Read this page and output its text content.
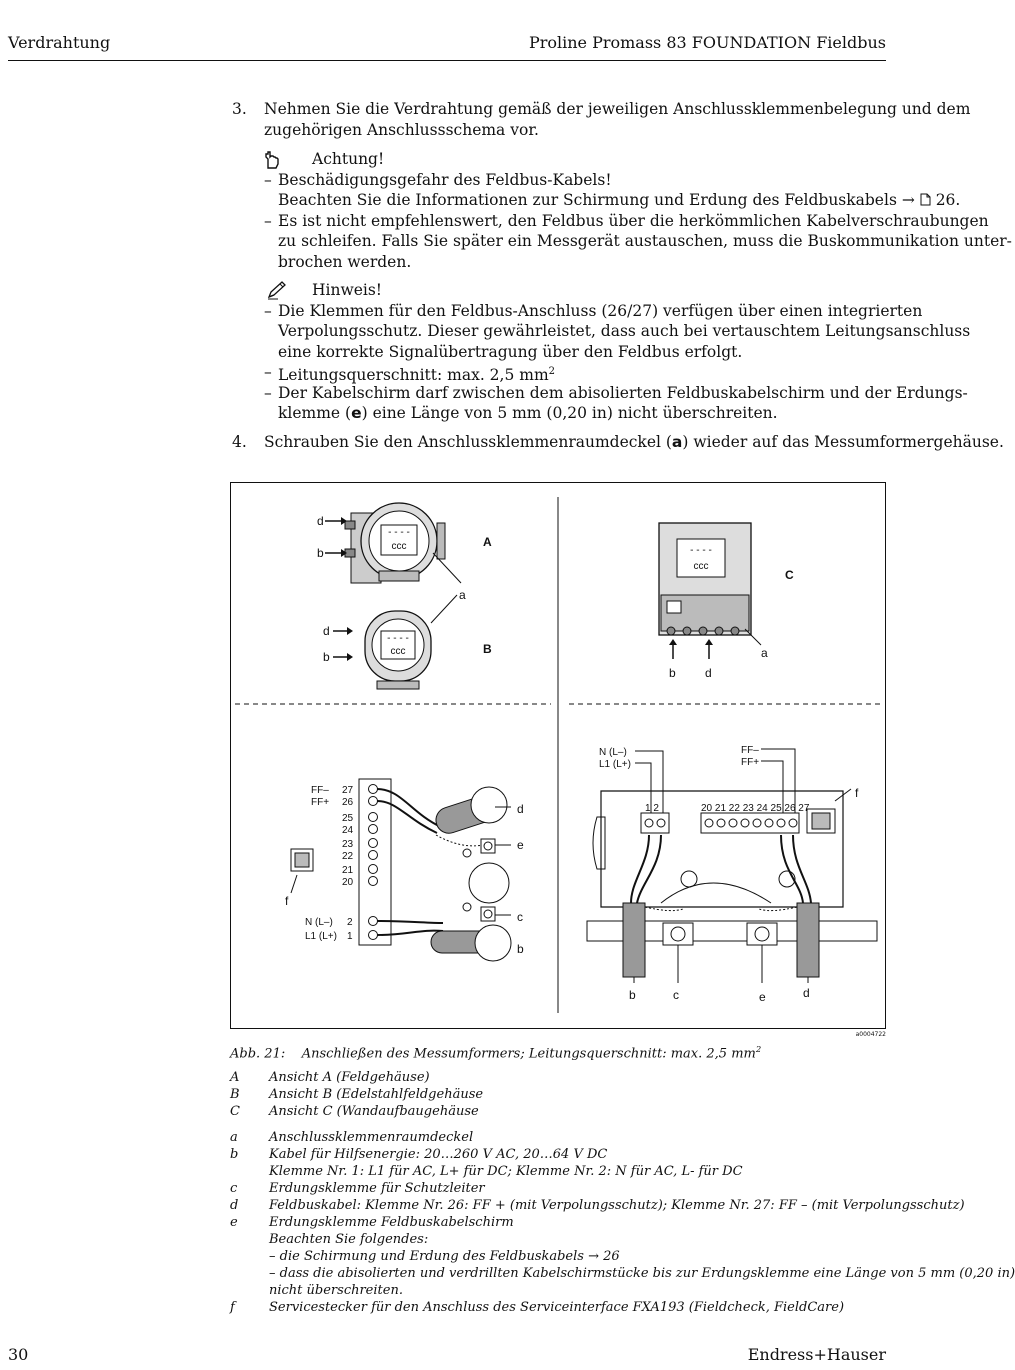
Verdrahtung	Proline Promass 83 FOUNDATION Fieldbus
3. Nehmen Sie die Verdrahtung gemäß der jeweiligen Anschlussklemmenbelegung und dem
zugehörigen Anschlussschema vor.
Achtung!
– Beschädigungsgefahr des Feldbus-Kabels!
Beachten Sie die Informationen zur Schirmung und Erdung des Feldbuskabels →  26.
– Es ist nicht empfehlenswert, den Feldbus über die herkömmlichen Kabelverschraubungen
zu schleifen. Falls Sie später ein Messgerät austauschen, muss die Buskommunikation unter-
brochen werden.
Hinweis!
– Die Klemmen für den Feldbus-Anschluss (26/27) verfügen über einen integrierten
Verpolungsschutz. Dieser gewährleistet, dass auch bei vertauschtem Leitungsanschluss
eine korrekte Signalübertragung über den Feldbus erfolgt.
– Leitungsquerschnitt: max. 2,5 $mm^2$
– Der Kabelschirm darf zwischen dem abisolierten Feldbuskabelschirm und der Erdungs-
klemme (e) eine Länge von 5 mm (0,20 in) nicht überschreiten.
4. Schrauben Sie den Anschlussklemmenraumdeckel (a) wieder auf das Messumformergehäuse.
- - - -
ccc
d
b
A
a
- - - -
ccc
d
b
B
- - - -
ccc
C
b d
a
FF–
FF+
27
26
25
24
23
22
21
20
N (L–)
L1 (L+)
2
1
d
e
c
b
f
1 2	20 21 22 23 24 25 26 27
N (L–)
L1 (L+)
FF–
FF+
f
b	c	e	d
a0004722
Abb. 21: Anschließen des Messumformers; Leitungsquerschnitt: max. 2,5 $mm^2$
A Ansicht A (Feldgehäuse)
B Ansicht B (Edelstahlfeldgehäuse
C Ansicht C (Wandaufbaugehäuse
a Anschlussklemmenraumdeckel
b Kabel für Hilfsenergie: 20…260 V AC, 20…64 V DC
Klemme Nr. 1: L1 für AC, L+ für DC; Klemme Nr. 2: N für AC, L- für DC
c Erdungsklemme für Schutzleiter
d Feldbuskabel: Klemme Nr. 26: FF + (mit Verpolungsschutz); Klemme Nr. 27: FF – (mit Verpolungsschutz)
e Erdungsklemme Feldbuskabelschirm
Beachten Sie folgendes:
– die Schirmung und Erdung des Feldbuskabels → 26
– dass die abisolierten und verdrillten Kabelschirmstücke bis zur Erdungsklemme eine Länge von 5 mm (0,20 in)
nicht überschreiten.
f	Servicestecker für den Anschluss des Serviceinterface FXA193 (Fieldcheck, FieldCare)
30	Endress+Hauser
